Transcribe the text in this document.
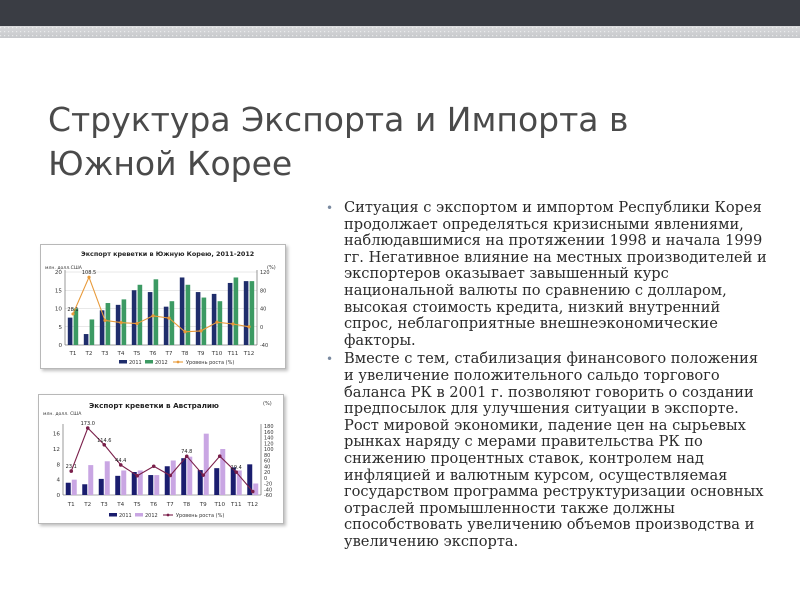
Структура Экспорта и Импорта в Южной Корее
Экспорт креветки в Южную Корею, 2011-2012
млн. долл.США	(%)
0
5
10
15
20
-40
0
40
80
120
T1 T2 T3 T4 T5 T6 T7 T8 T9 T10 T11 T12
28.1
108.5
2011	2012	Уровень роста (%)
Экспорт креветки в Австралию
млн. долл. США
(%)
0
4
8
12
16
-60
-40
-20
0
20
40
60
80
100
120
140
160
180
T1 T2 T3 T4 T5 T6 T7 T8 T9 T10 T11 T12
23.1
173.0
114.6
44.4
74.8
19.4
2011	2012	Уровень роста (%)
• Ситуация с экспортом и импортом Республики Корея продолжает определяться кризисными явлениями, наблюдавшимися на протяжении 1998 и начала 1999 гг. Негативное влияние на местных производителей и экспортеров оказывает завышенный курс национальной валюты по сравнению с долларом, высокая стоимость кредита, низкий внутренний спрос, неблагоприятные внешнеэкономические факторы.
• Вместе с тем, стабилизация финансового положения и увеличение положительного сальдо торгового баланса РК в 2001 г. позволяют говорить о создании предпосылок для улучшения ситуации в экспорте. Рост мировой экономики, падение цен на сырьевых рынках наряду с мерами правительства РК по снижению процентных ставок, контролем над инфляцией и валютным курсом, осуществляемая государством программа реструктуризации основных отраслей промышленности также должны способствовать увеличению объемов производства и увеличению экспорта.
